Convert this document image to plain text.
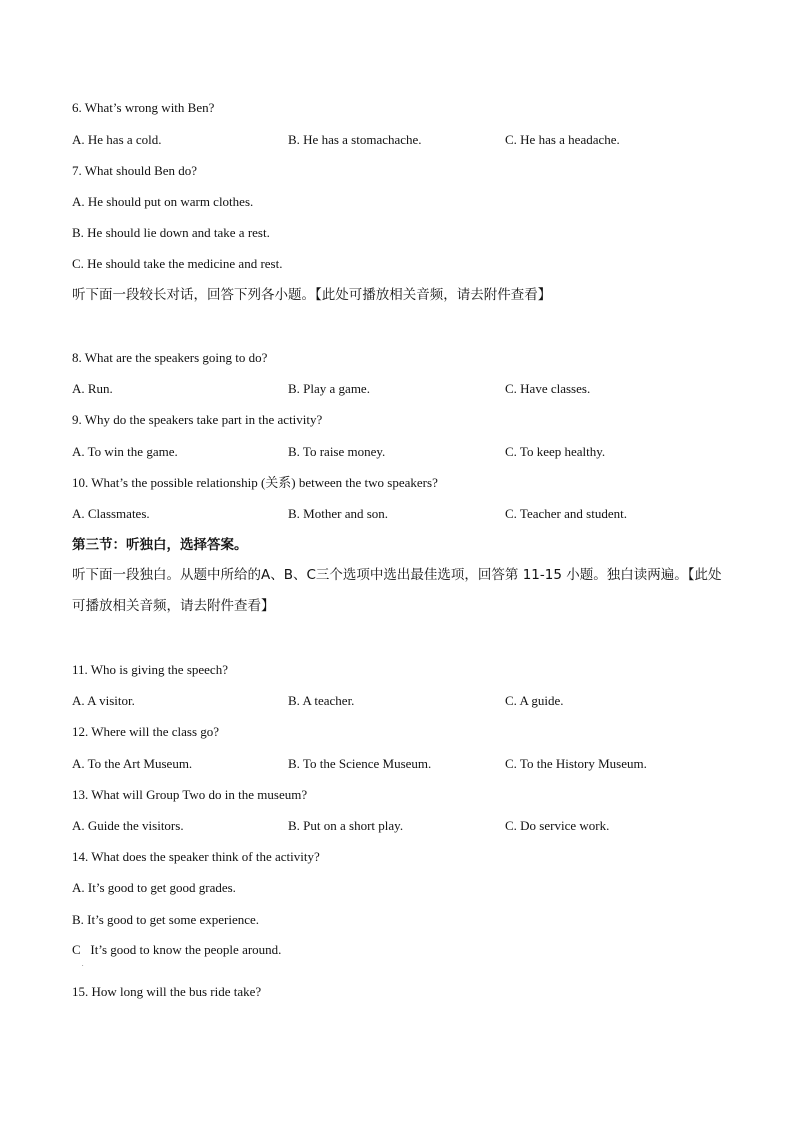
6. What’s wrong with Ben?
A. He has a cold.	B. He has a stomachache.	C. He has a headache.
7. What should Ben do?
A. He should put on warm clothes.
B. He should lie down and take a rest.
C. He should take the medicine and rest.
听下面一段较长对话，回答下列各小题。【此处可播放相关音频，请去附件查看】
8. What are the speakers going to do?
A. Run.	B. Play a game.	C. Have classes.
9. Why do the speakers take part in the activity?
A. To win the game.	B. To raise money.	C. To keep healthy.
10. What’s the possible relationship (关系) between the two speakers?
A. Classmates.	B. Mother and son.	C. Teacher and student.
第三节：听独白，选择答案。
听下面一段独白。从题中所给的A、B、C三个选项中选出最佳选项，回答第 11-15 小题。独白读两遍。【此处可播放相关音频，请去附件查看】
11. Who is giving the speech?
A. A visitor.	B. A teacher.	C. A guide.
12. Where will the class go?
A. To the Art Museum.	B. To the Science Museum.	C. To the History Museum.
13. What will Group Two do in the museum?
A. Guide the visitors.	B. Put on a short play.	C. Do service work.
14. What does the speaker think of the activity?
A. It’s good to get good grades.
B. It’s good to get some experience.
C   It’s good to know the people around.
.
15. How long will the bus ride take?
